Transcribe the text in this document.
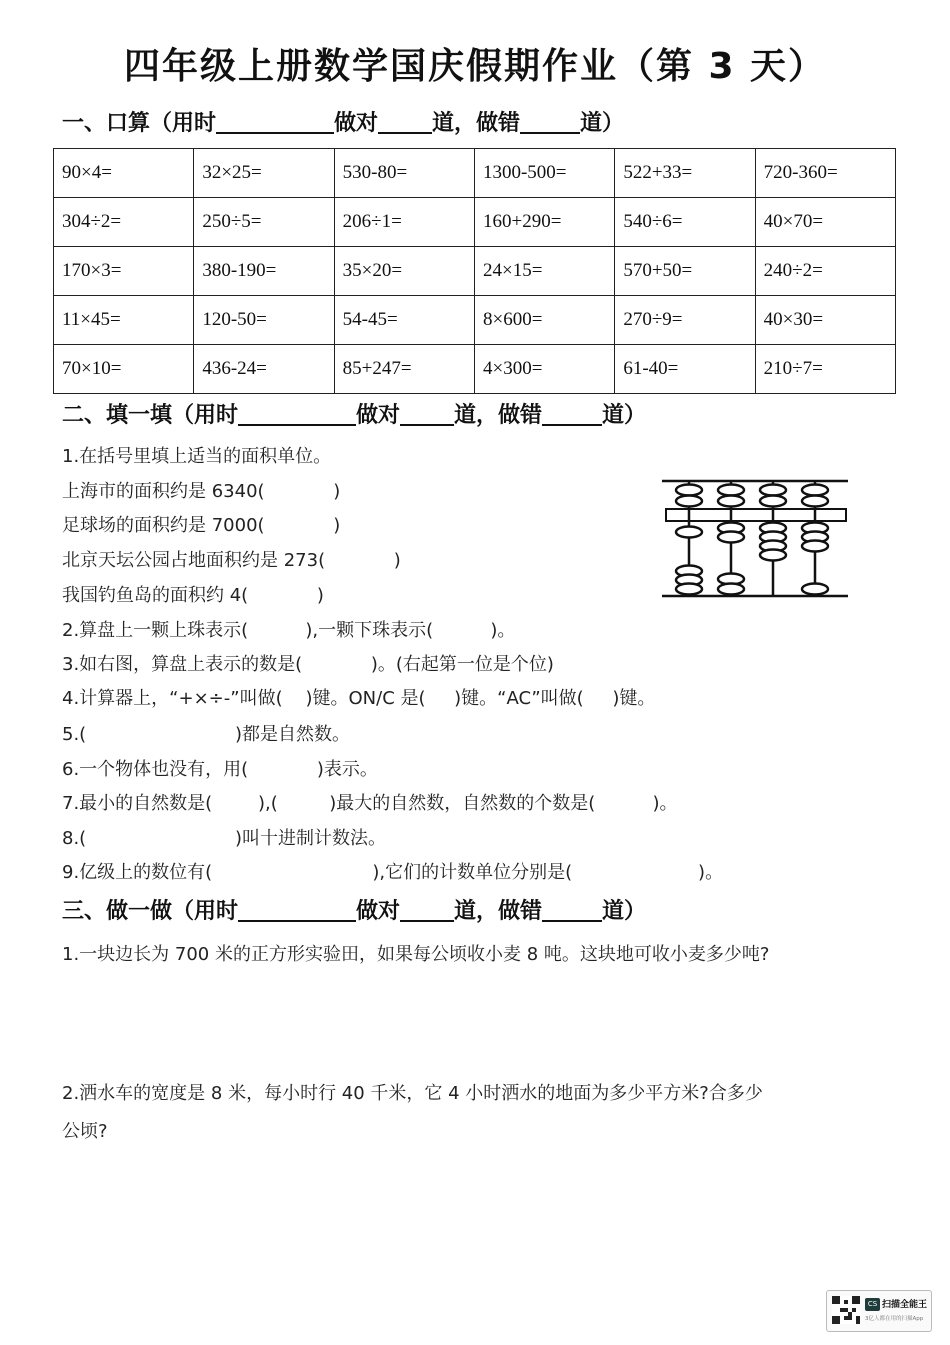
四年级上册数学国庆假期作业（第 3 天）
一、口算（用时	做对 道，做错	道）
90×4=	32×25=	530-80=	1300-500=	522+33=	720-360=
304÷2=	250÷5=	206÷1=	160+290=	540÷6=	40×70=
170×3=	380-190=	35×20=	24×15=	570+50=	240÷2=
11×45=	120-50=	54-45=	8×600=	270÷9=	40×30=
70×10=	436-24=	85+247=	4×300=	61-40=	210÷7=
二、填一填（用时	做对 道，做错	道）
1.在括号里填上适当的面积单位。
上海市的面积约是 6340(            )
足球场的面积约是 7000(            )
北京天坛公园占地面积约是 273(            )
我国钓鱼岛的面积约 4(            )
2.算盘上一颗上珠表示(          ),一颗下珠表示(          )。
3.如右图，算盘上表示的数是(            )。(右起第一位是个位)
4.计算器上，“+×÷-”叫做(    )键。ON/C 是(     )键。“AC”叫做(     )键。
5.(                          )都是自然数。
6.一个物体也没有，用(            )表示。
7.最小的自然数是(        ),(         )最大的自然数，自然数的个数是(          )。
8.(                          )叫十进制计数法。
9.亿级上的数位有(                            ),它们的计数单位分别是(                      )。
三、做一做（用时	做对 道，做错	道）
1.一块边长为 700 米的正方形实验田，如果每公顷收小麦 8 吨。这块地可收小麦多少吨?
2.洒水车的宽度是 8 米，每小时行 40 千米，它 4 小时洒水的地面为多少平方米?合多少
公顷?
CS 扫描全能王
3亿人都在用的扫描App
